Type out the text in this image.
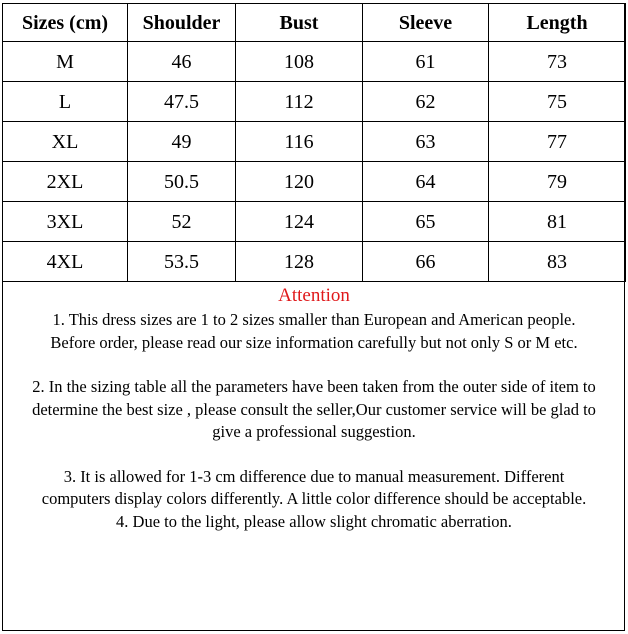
Sizes (cm)	Shoulder	Bust	Sleeve	Length
M	46	108	61	73
L	47.5	112	62	75
XL	49	116	63	77
2XL	50.5	120	64	79
3XL	52	124	65	81
4XL	53.5	128	66	83
Attention

1. This dress sizes are 1 to 2 sizes smaller than European and American people.

Before order, please read our size information carefully but not only S or M etc.

2. In the sizing table all the parameters have been taken from the outer side of item to

determine the best size , please consult the seller,Our customer service will be glad to

give a professional suggestion.

3. It is allowed for 1-3 cm difference due to manual measurement. Different

computers display colors differently. A little color difference should be acceptable.

4. Due to the light, please allow slight chromatic aberration.
